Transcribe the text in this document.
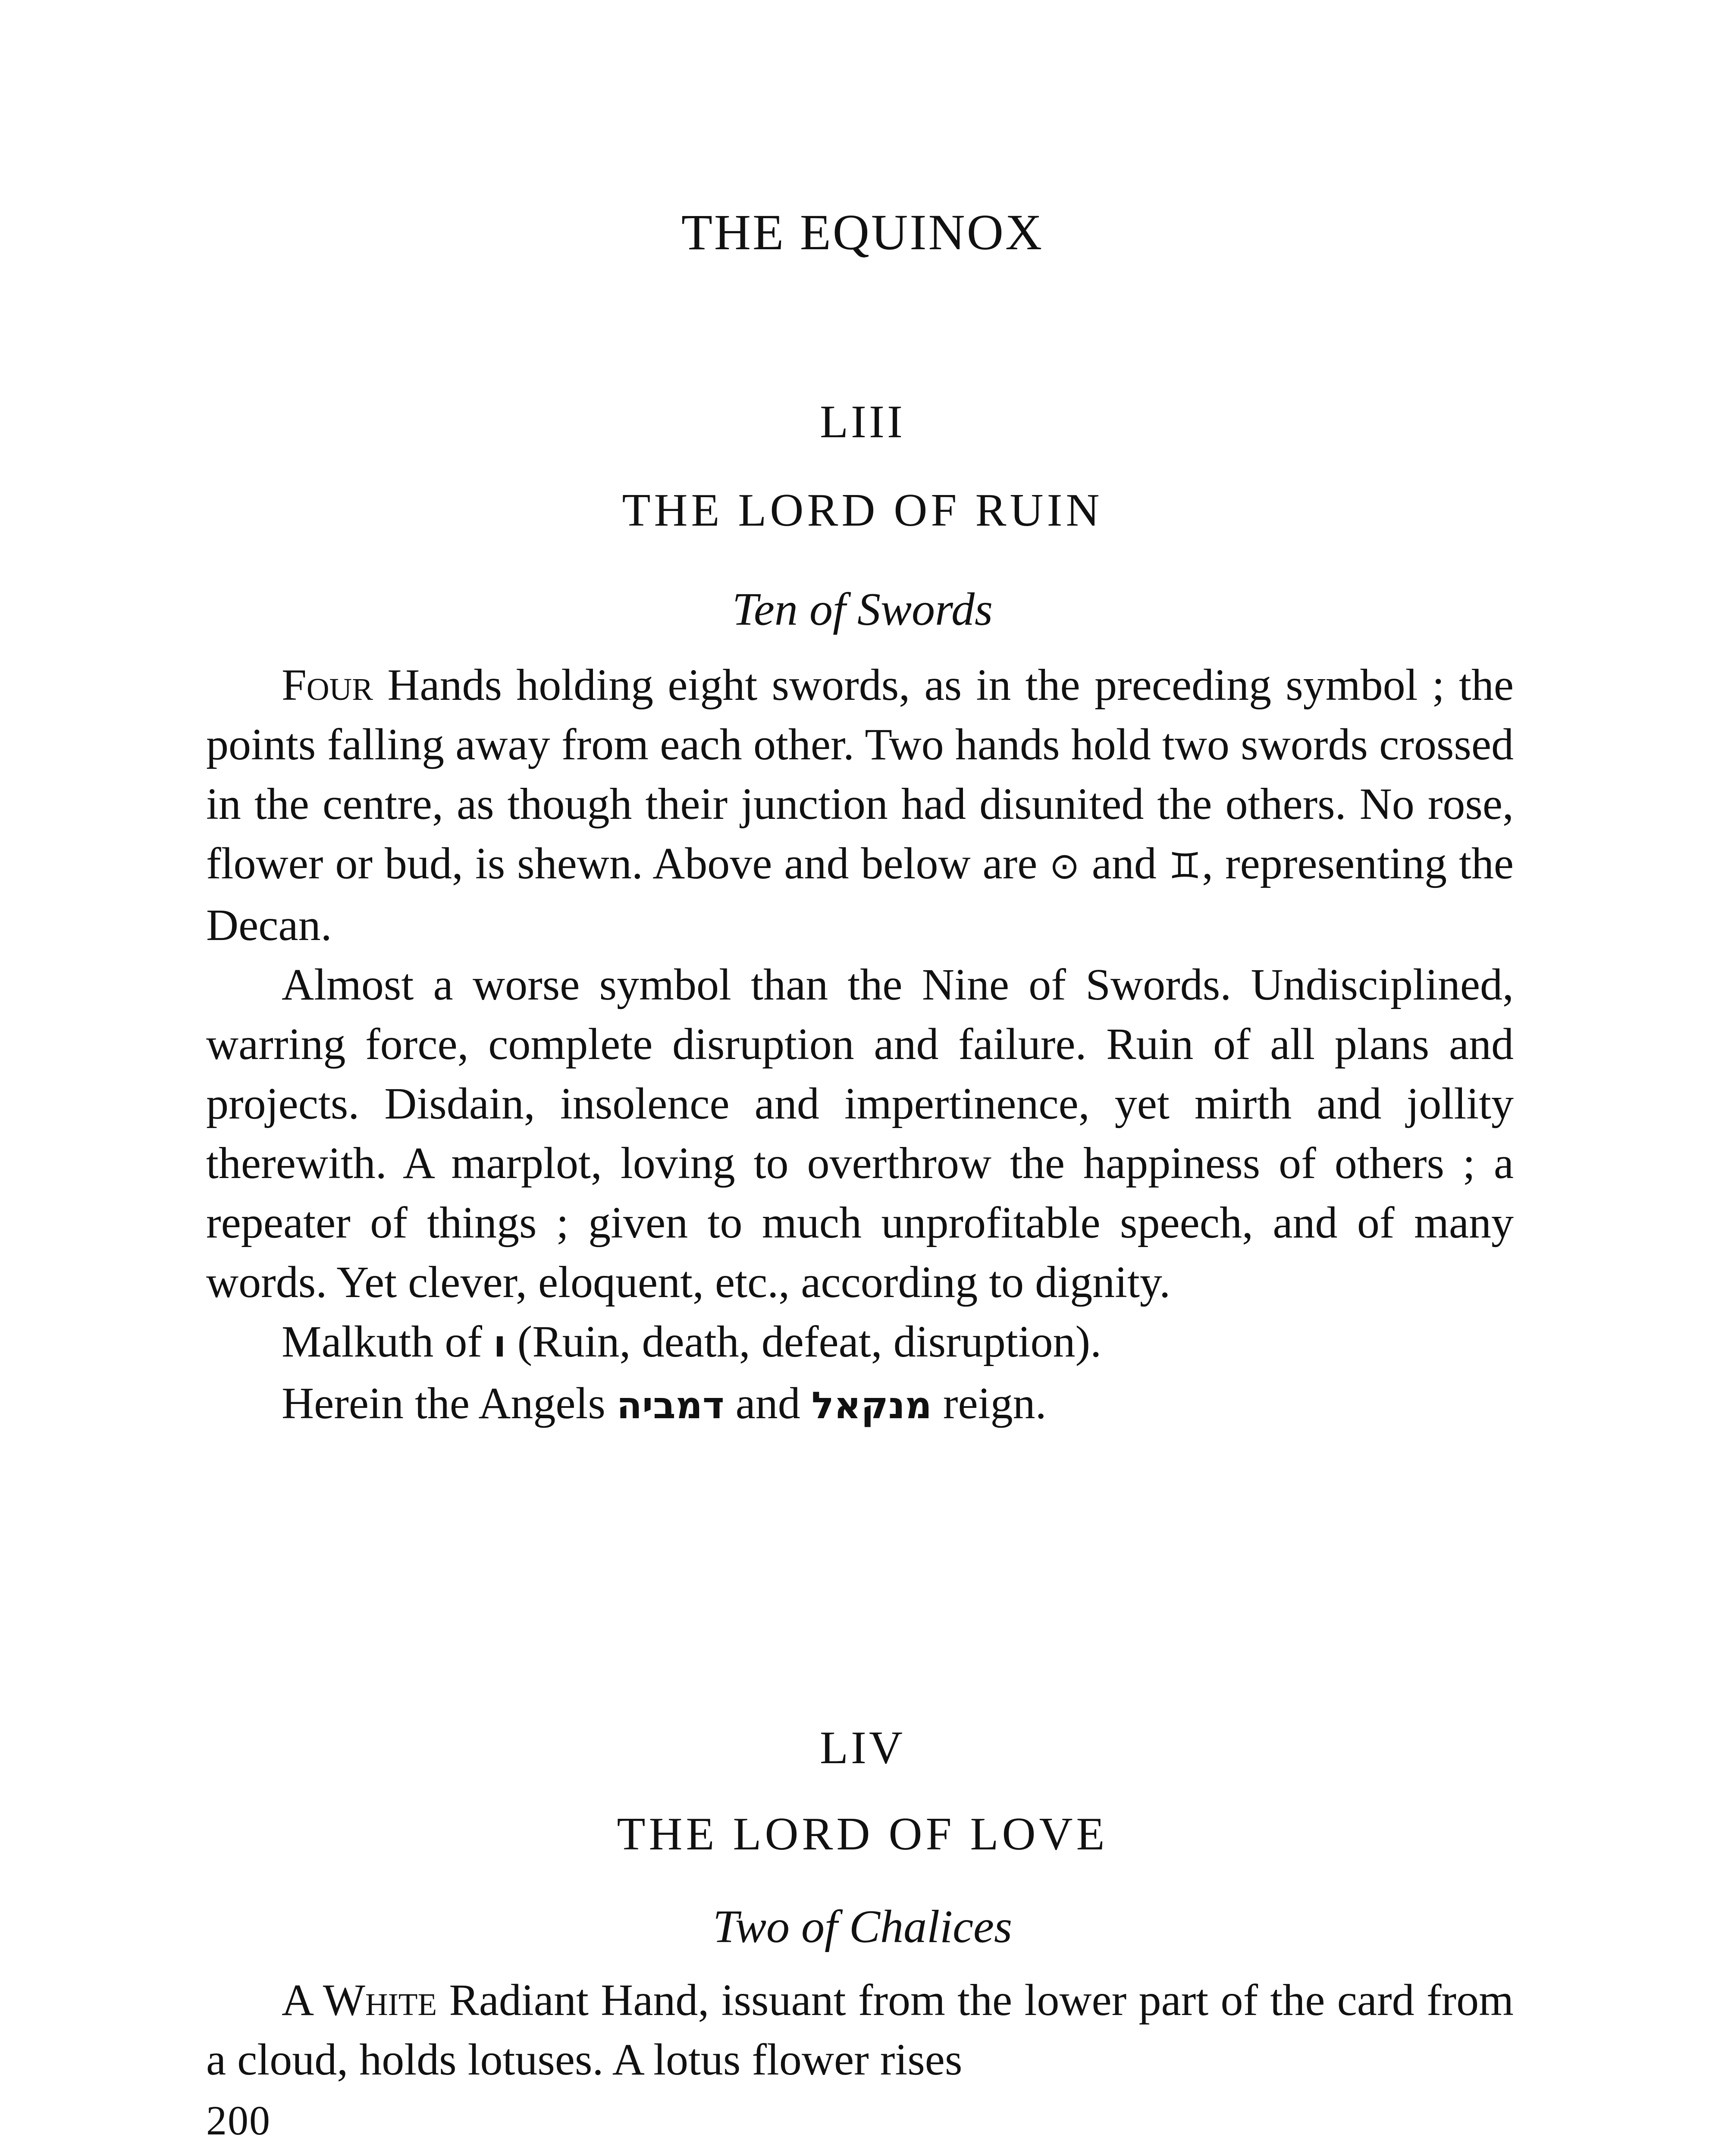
THE EQUINOX
LIII
THE LORD OF RUIN
Ten of Swords

Four Hands holding eight swords, as in the preceding symbol ; the points falling away from each other. Two hands hold two swords crossed in the centre, as though their junction had disunited the others. No rose, flower or bud, is shewn. Above and below are ⊙ and ♊, representing the Decan.

Almost a worse symbol than the Nine of Swords. Undisciplined, warring force, complete disruption and failure. Ruin of all plans and projects. Disdain, insolence and impertinence, yet mirth and jollity therewith. A marplot, loving to overthrow the happiness of others ; a repeater of things ; given to much unprofitable speech, and of many words. Yet clever, eloquent, etc., according to dignity.

Malkuth of ו (Ruin, death, defeat, disruption).

Herein the Angels דמביה and מנקאל reign.

LIV
THE LORD OF LOVE
Two of Chalices

A White Radiant Hand, issuant from the lower part of the card from a cloud, holds lotuses. A lotus flower rises

200
